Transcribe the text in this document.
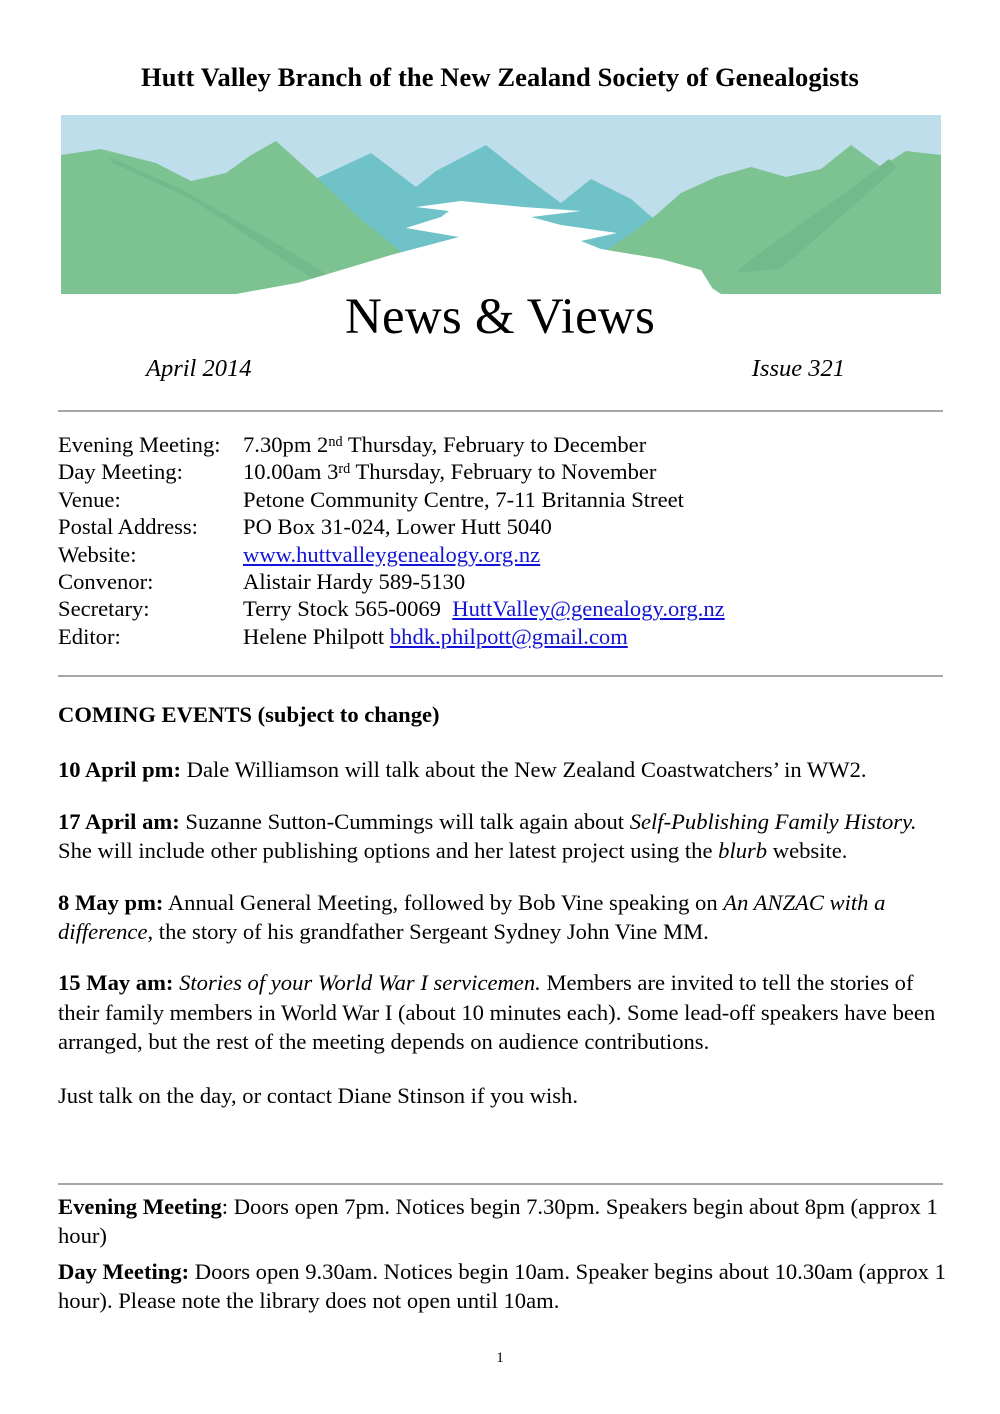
Hutt Valley Branch of the New Zealand Society of Genealogists
News & Views
April 2014	Issue 321
Evening Meeting: 7.30pm 2nd Thursday, February to December
Day Meeting:	10.00am 3rd Thursday, February to November
Venue:	Petone Community Centre, 7-11 Britannia Street
Postal Address:	PO Box 31-024, Lower Hutt 5040
Website:	www.huttvalleygenealogy.org.nz
Convenor:	Alistair Hardy 589-5130
Secretary:	Terry Stock 565-0069 HuttValley@genealogy.org.nz
Editor:	Helene Philpott bhdk.philpott@gmail.com

COMING EVENTS (subject to change)

10 April pm: Dale Williamson will talk about the New Zealand Coastwatchers’ in WW2.

17 April am: Suzanne Sutton-Cummings will talk again about Self-Publishing Family History. She will include other publishing options and her latest project using the blurb website.

8 May pm: Annual General Meeting, followed by Bob Vine speaking on An ANZAC with a difference, the story of his grandfather Sergeant Sydney John Vine MM.

15 May am: Stories of your World War I servicemen. Members are invited to tell the stories of their family members in World War I (about 10 minutes each). Some lead-off speakers have been arranged, but the rest of the meeting depends on audience contributions.

Just talk on the day, or contact Diane Stinson if you wish.

Evening Meeting: Doors open 7pm. Notices begin 7.30pm. Speakers begin about 8pm (approx 1 hour)

Day Meeting: Doors open 9.30am. Notices begin 10am. Speaker begins about 10.30am (approx 1 hour). Please note the library does not open until 10am.

1
